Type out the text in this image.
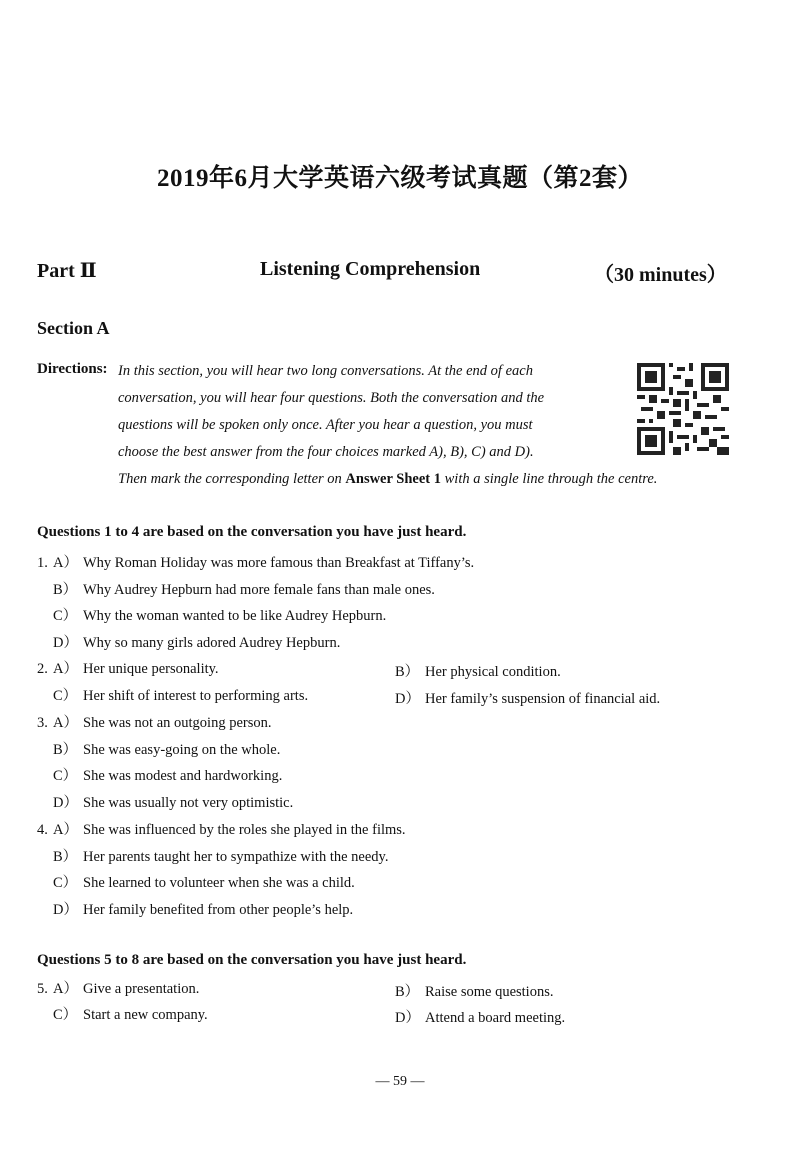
2019年6月大学英语六级考试真题（第2套）
Part Ⅱ	Listening Comprehension	（30 minutes）
Section A
Directions: In this section, you will hear two long conversations. At the end of each
conversation, you will hear four questions. Both the conversation and the
questions will be spoken only once. After you hear a question, you must
choose the best answer from the four choices marked A), B), C) and D).
Then mark the corresponding letter on Answer Sheet 1 with a single line through the centre.
Questions 1 to 4 are based on the conversation you have just heard.
1. A） Why Roman Holiday was more famous than Breakfast at Tiffany’s.
B） Why Audrey Hepburn had more female fans than male ones.
C） Why the woman wanted to be like Audrey Hepburn.
D） Why so many girls adored Audrey Hepburn.
2. A） Her unique personality.	B） Her physical condition.
C） Her shift of interest to performing arts.	D） Her family’s suspension of financial aid.
3. A） She was not an outgoing person.
B） She was easy-going on the whole.
C） She was modest and hardworking.
D） She was usually not very optimistic.
4. A） She was influenced by the roles she played in the films.
B） Her parents taught her to sympathize with the needy.
C） She learned to volunteer when she was a child.
D） Her family benefited from other people’s help.
Questions 5 to 8 are based on the conversation you have just heard.
5. A） Give a presentation.	B） Raise some questions.
C） Start a new company.	D） Attend a board meeting.
— 59 —
